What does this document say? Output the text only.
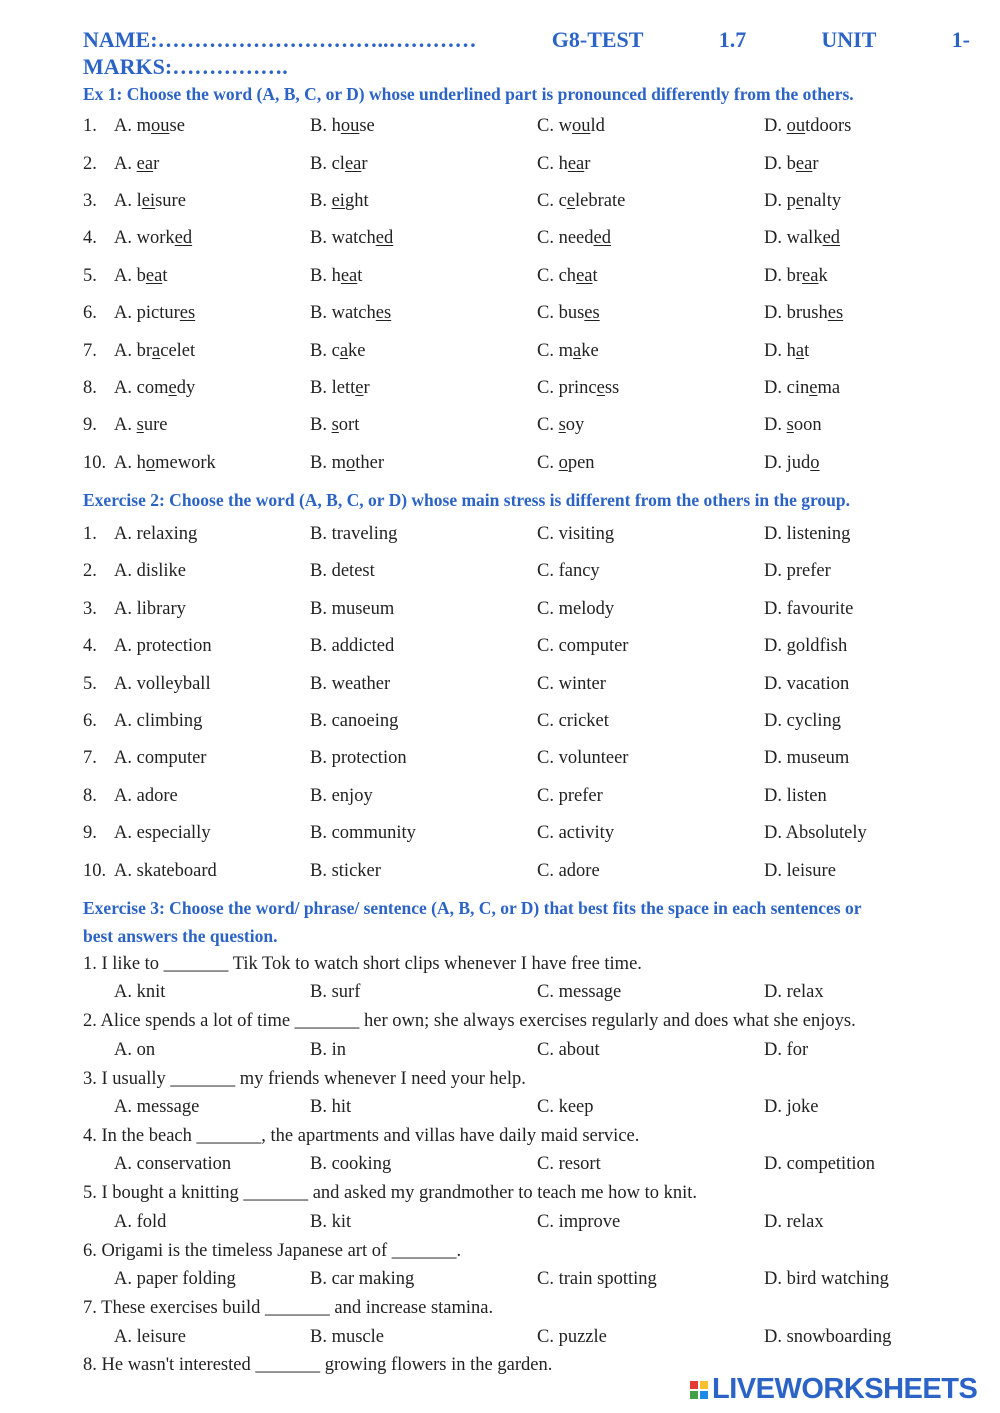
NAME:…………………………..…………	G8-TEST	1.7	UNIT	1-
MARKS:…………….
Ex 1: Choose the word (A, B, C, or D) whose underlined part is pronounced differently from the others.
1. A. mouse	B. house	C. would	D. outdoors
2. A. ear	B. clear	C. hear	D. bear
3. A. leisure	B. eight	C. celebrate	D. penalty
4. A. worked	B. watched	C. needed	D. walked
5. A. beat	B. heat	C. cheat	D. break
6. A. pictures	B. watches	C. buses	D. brushes
7. A. bracelet	B. cake	C. make	D. hat
8. A. comedy	B. letter	C. princess	D. cinema
9. A. sure	B. sort	C. soy	D. soon
10. A. homework	B. mother	C. open	D. judo
Exercise 2: Choose the word (A, B, C, or D) whose main stress is different from the others in the group.
1. A. relaxing	B. traveling	C. visiting	D. listening
2. A. dislike	B. detest	C. fancy	D. prefer
3. A. library	B. museum	C. melody	D. favourite
4. A. protection	B. addicted	C. computer	D. goldfish
5. A. volleyball	B. weather	C. winter	D. vacation
6. A. climbing	B. canoeing	C. cricket	D. cycling
7. A. computer	B. protection	C. volunteer	D. museum
8. A. adore	B. enjoy	C. prefer	D. listen
9. A. especially	B. community	C. activity	D. Absolutely
10. A. skateboard	B. sticker	C. adore	D. leisure
Exercise 3: Choose the word/ phrase/ sentence (A, B, C, or D) that best fits the space in each sentences or
best answers the question.
1. I like to _______ Tik Tok to watch short clips whenever I have free time.
A. knit	B. surf	C. message	D. relax
2. Alice spends a lot of time _______ her own; she always exercises regularly and does what she enjoys.
A. on	B. in	C. about	D. for
3. I usually _______ my friends whenever I need your help.
A. message	B. hit	C. keep	D. joke
4. In the beach _______, the apartments and villas have daily maid service.
A. conservation	B. cooking	C. resort	D. competition
5. I bought a knitting _______ and asked my grandmother to teach me how to knit.
A. fold	B. kit	C. improve	D. relax
6. Origami is the timeless Japanese art of _______.
A. paper folding	B. car making	C. train spotting	D. bird watching
7. These exercises build _______ and increase stamina.
A. leisure	B. muscle	C. puzzle	D. snowboarding
8. He wasn't interested _______ growing flowers in the garden.
LIVEWORKSHEETS
